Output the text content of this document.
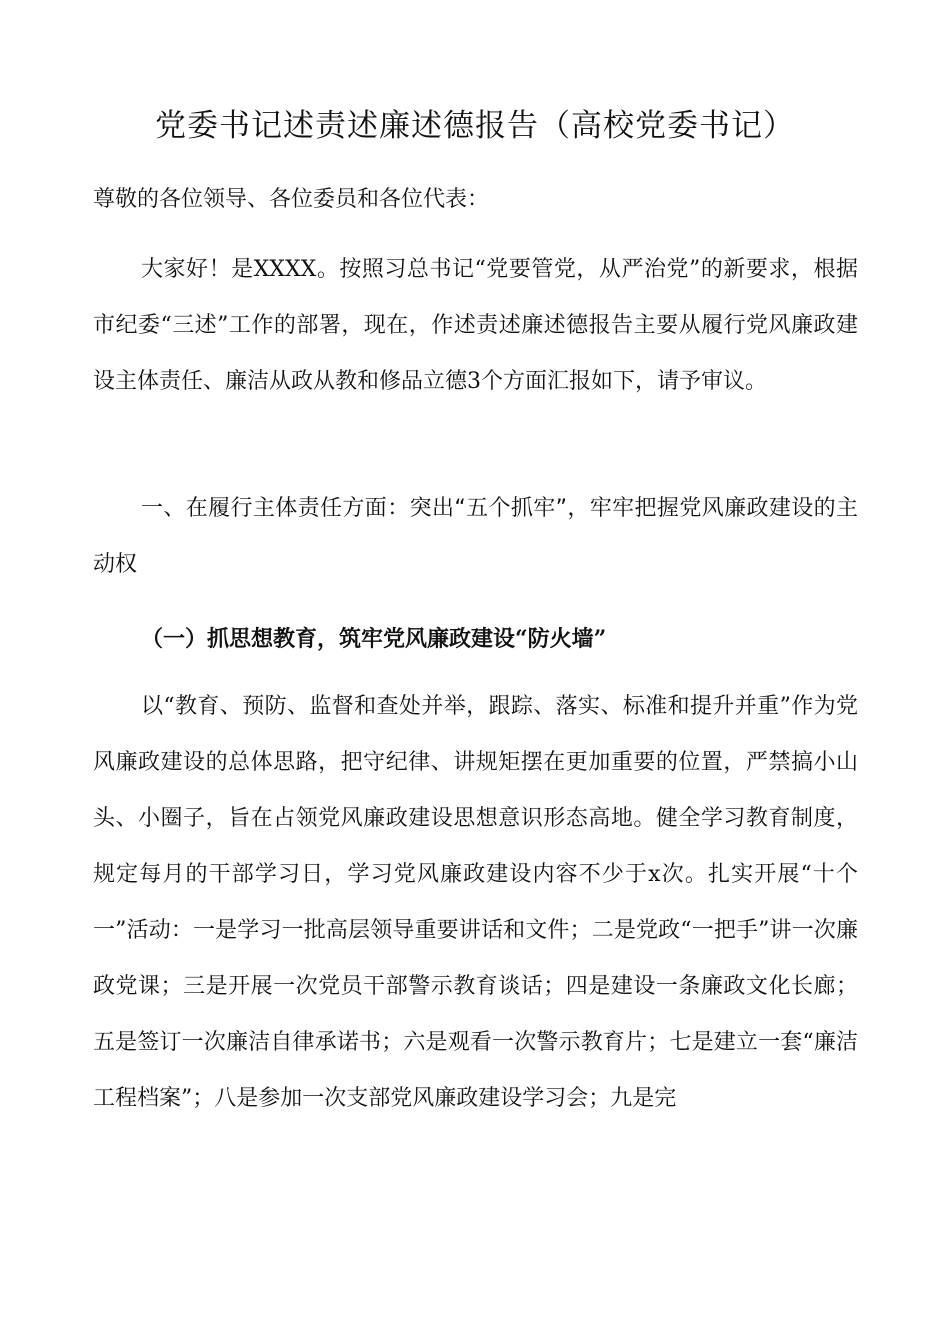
党委书记述责述廉述德报告（高校党委书记）
尊敬的各位领导、各位委员和各位代表：
大家好！是XXXX。按照习总书记“党要管党，从严治党”的新要求，根据市纪委“三述”工作的部署，现在，作述责述廉述德报告主要从履行党风廉政建设主体责任、廉洁从政从教和修品立德3个方面汇报如下，请予审议。
一、在履行主体责任方面：突出“五个抓牢”，牢牢把握党风廉政建设的主动权
（一）抓思想教育，筑牢党风廉政建设“防火墙”
以“教育、预防、监督和查处并举，跟踪、落实、标准和提升并重”作为党风廉政建设的总体思路，把守纪律、讲规矩摆在更加重要的位置，严禁搞小山头、小圈子，旨在占领党风廉政建设思想意识形态高地。健全学习教育制度，规定每月的干部学习日，学习党风廉政建设内容不少于x次。扎实开展“十个一”活动：一是学习一批高层领导重要讲话和文件；二是党政“一把手”讲一次廉政党课；三是开展一次党员干部警示教育谈话；四是建设一条廉政文化长廊；五是签订一次廉洁自律承诺书；六是观看一次警示教育片；七是建立一套“廉洁工程档案”；八是参加一次支部党风廉政建设学习会；九是完
